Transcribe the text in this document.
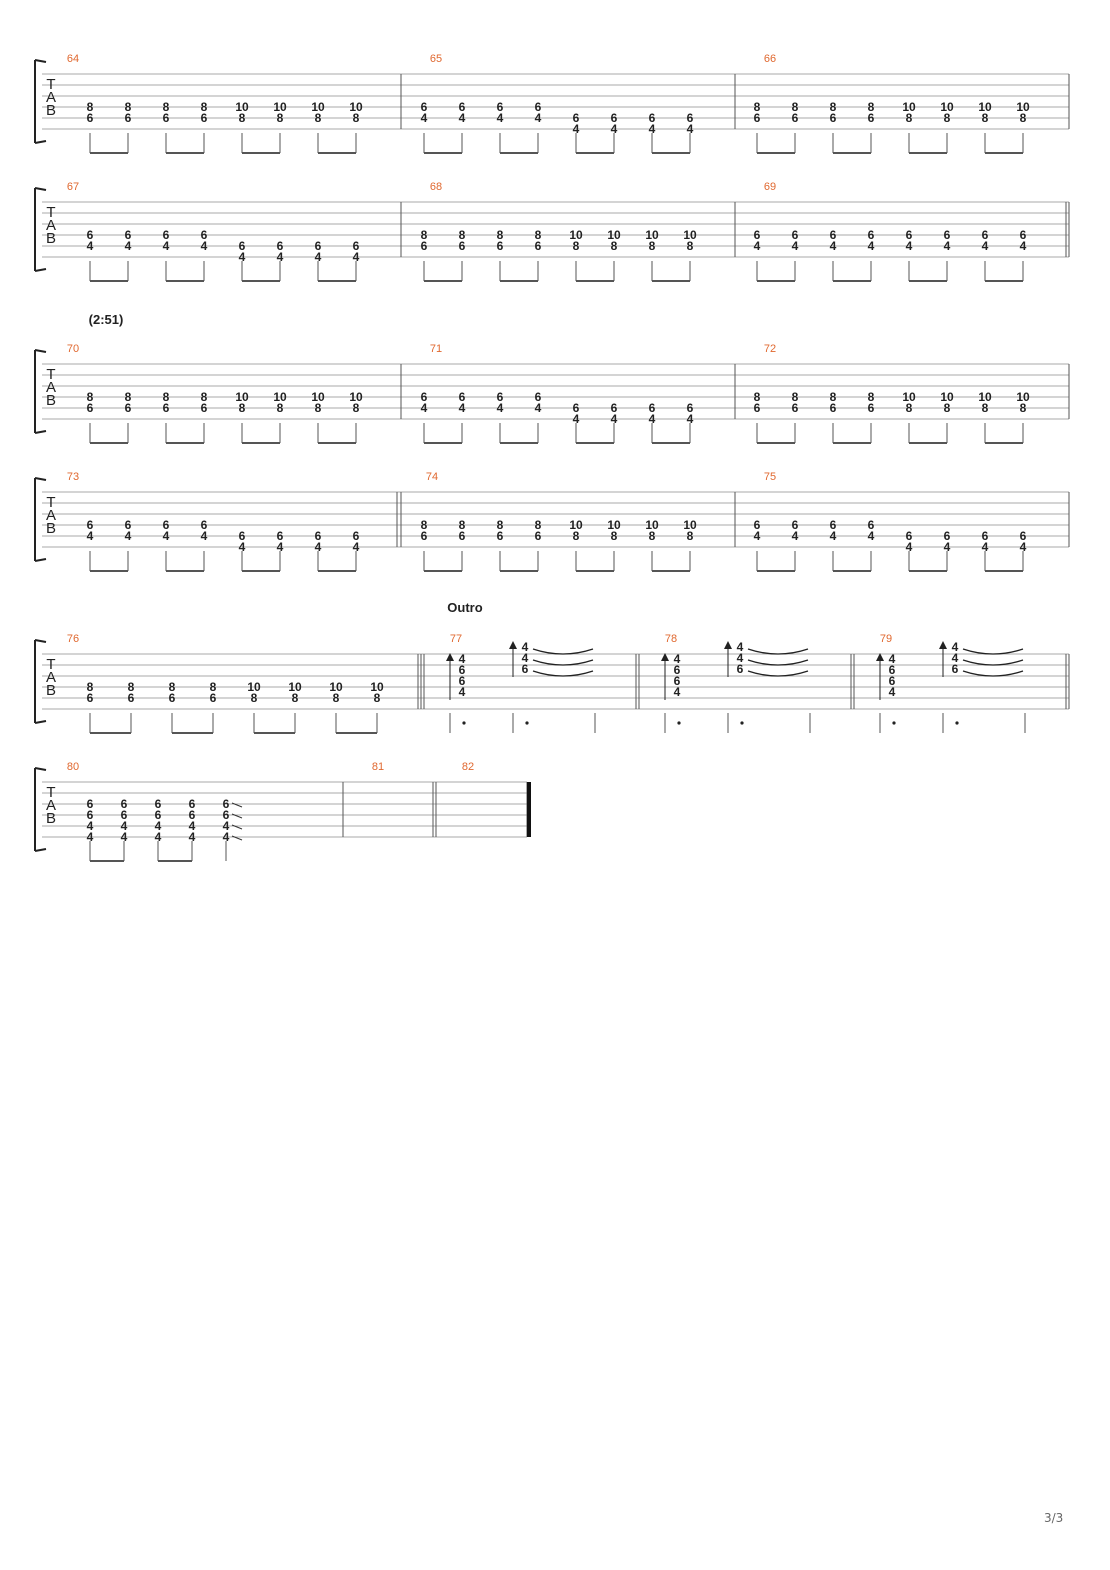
T
A
B
64
8
6
8
6
8
6
8
6
10
8
10
8
10
8
10
8
65
6
4
6
4
6
4
6
4	6
4
6
4
6
4
6
4
66
8
6
8
6
8
6
8
6
10
8
10
8
10
8
10
8
T
A
B
67
6
4
6
4
6
4
6
4	6
4
6
4
6
4
6
4
68
8
6
8
6
8
6
8
6
10
8
10
8
10
8
10
8
69
6
4
6
4
6
4
6
4
6
4
6
4
6
4
6
4
T
A
B
(2:51)
70
8
6
8
6
8
6
8
6
10
8
10
8
10
8
10
8
71
6
4
6
4
6
4
6
4	6
4
6
4
6
4
6
4
72
8
6
8
6
8
6
8
6
10
8
10
8
10
8
10
8
T
A
B
73
6
4
6
4
6
4
6
4	6
4
6
4
6
4
6
4
74
8
6
8
6
8
6
8
6
10
8
10
8
10
8
10
8
75
6
4
6
4
6
4
6
4	6
4
6
4
6
4
6
4
T
A
B
Outro
76
8
6
8
6
8
6
8
6
10
8
10
8
10
8
10
8
77
4
6
6
4
4
4
6
78
4
6
6
4
4
4
6
79
4
6
6
4
4
4
6
T
A
B
80
6
6
4
4
6
6
4
4
6
6
4
4
6
6
4
4
6
6
4
4
81	82
3/3
